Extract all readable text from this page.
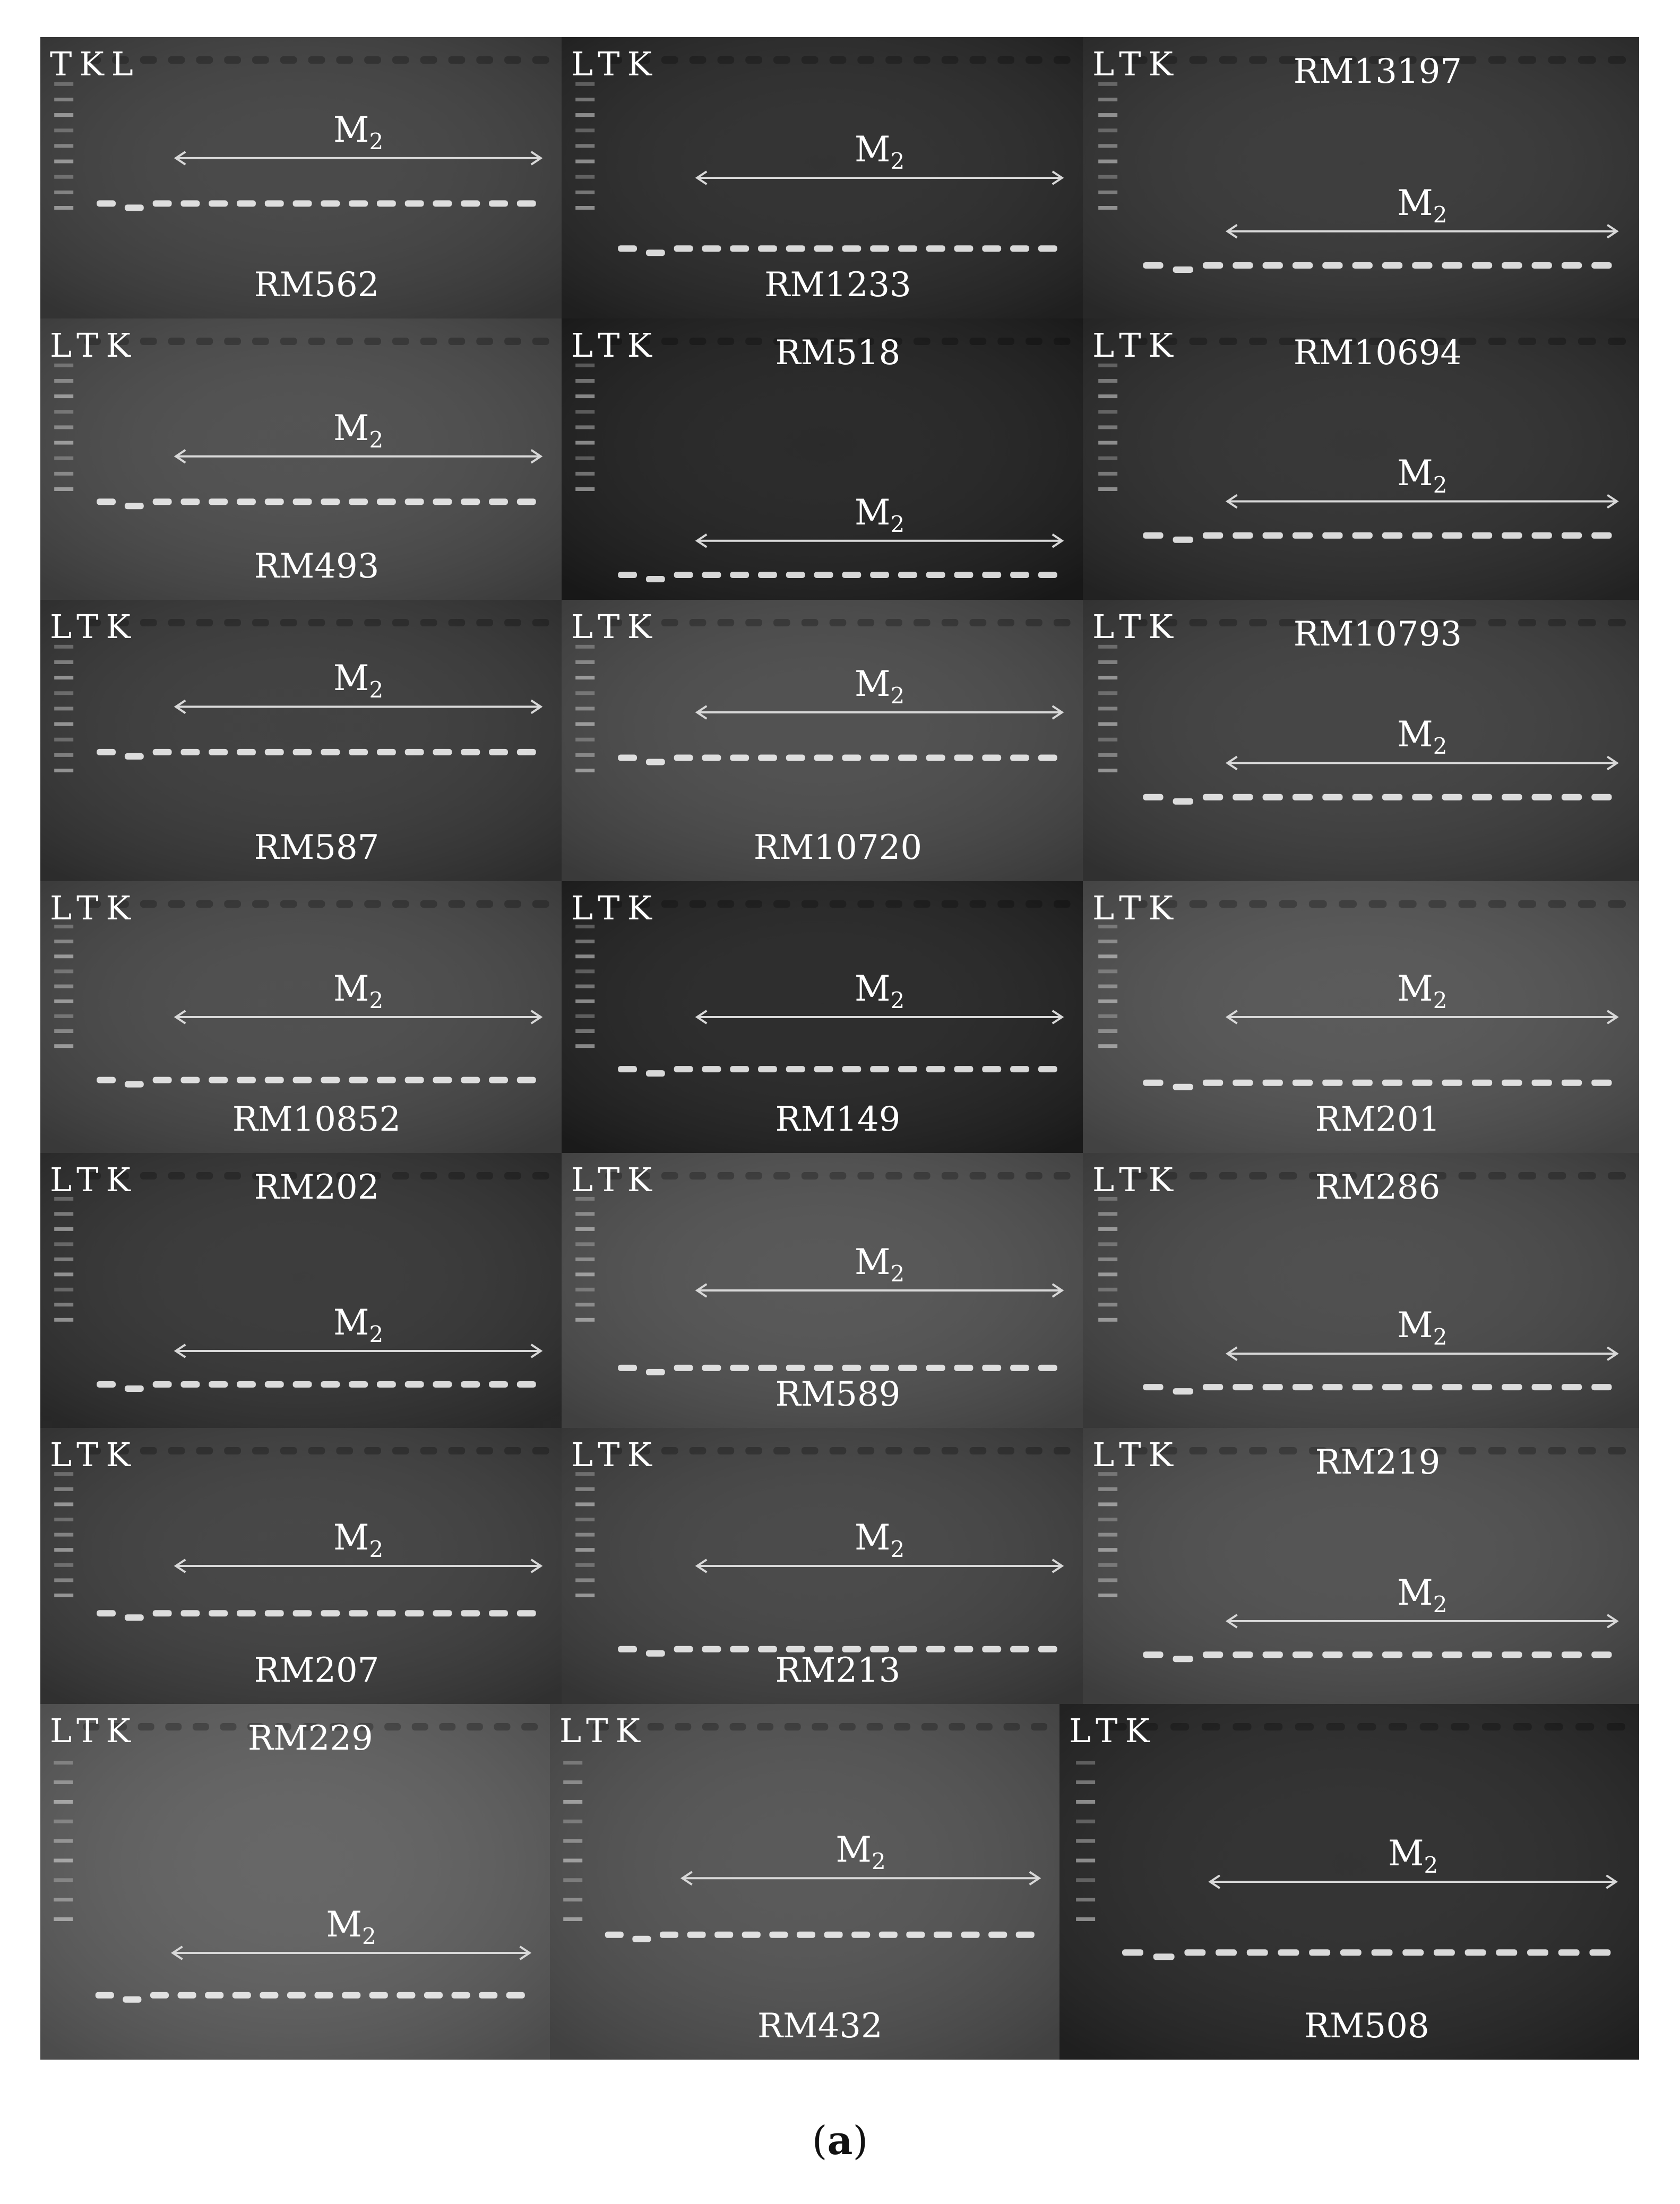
TKL
$M_2$
RM562
LTK
$M_2$
RM1233
LTK
$M_2$
RM13197
LTK
$M_2$
RM493
LTK
$M_2$
RM518	LTK
$M_2$
RM10694
LTK
$M_2$
RM587
LTK
$M_2$
RM10720
LTK
$M_2$
RM10793
LTK
$M_2$
RM10852
LTK
$M_2$
RM149
LTK
$M_2$
RM201
LTK
$M_2$
RM202	LTK
$M_2$
RM589
LTK
$M_2$
RM286
LTK
$M_2$
RM207
LTK
$M_2$
RM213
LTK
$M_2$
RM219
LTK
$M_2$
RM229	LTK
$M_2$
RM432
LTK
$M_2$
RM508
(a)
